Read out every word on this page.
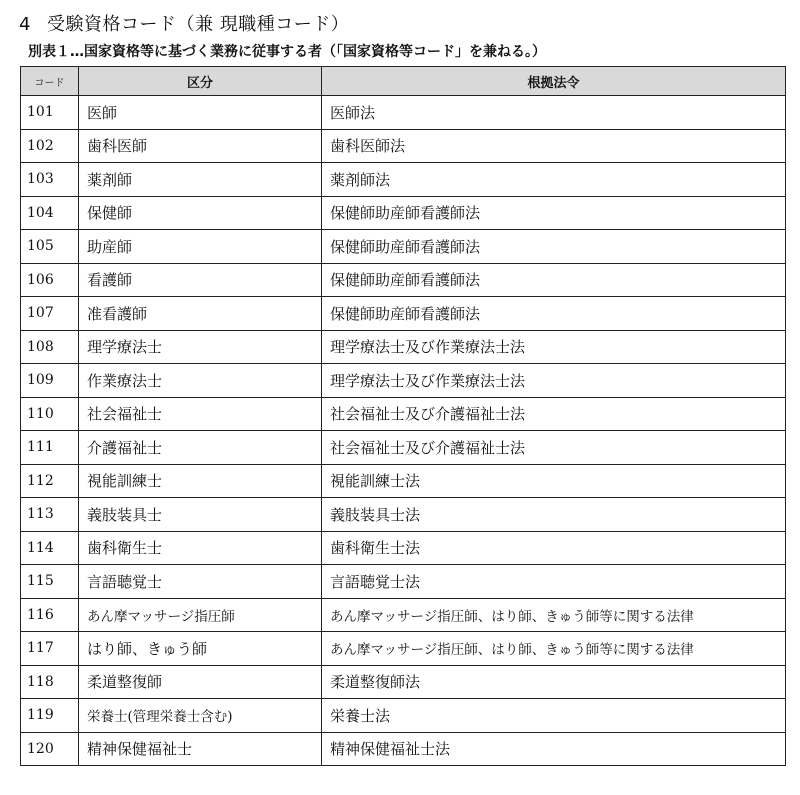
4 受験資格コード（兼 現職種コード）
別表１…国家資格等に基づく業務に従事する者（「国家資格等コード」を兼ねる。）
コード	区分	根拠法令
101	医師	医師法
102	歯科医師	歯科医師法
103	薬剤師	薬剤師法
104	保健師	保健師助産師看護師法
105	助産師	保健師助産師看護師法
106	看護師	保健師助産師看護師法
107	准看護師	保健師助産師看護師法
108	理学療法士	理学療法士及び作業療法士法
109	作業療法士	理学療法士及び作業療法士法
110	社会福祉士	社会福祉士及び介護福祉士法
111	介護福祉士	社会福祉士及び介護福祉士法
112	視能訓練士	視能訓練士法
113	義肢装具士	義肢装具士法
114	歯科衛生士	歯科衛生士法
115	言語聴覚士	言語聴覚士法
116	あん摩マッサージ指圧師	あん摩マッサージ指圧師、はり師、きゅう師等に関する法律
117	はり師、きゅう師	あん摩マッサージ指圧師、はり師、きゅう師等に関する法律
118	柔道整復師	柔道整復師法
119	栄養士(管理栄養士含む)	栄養士法
120	精神保健福祉士	精神保健福祉士法
